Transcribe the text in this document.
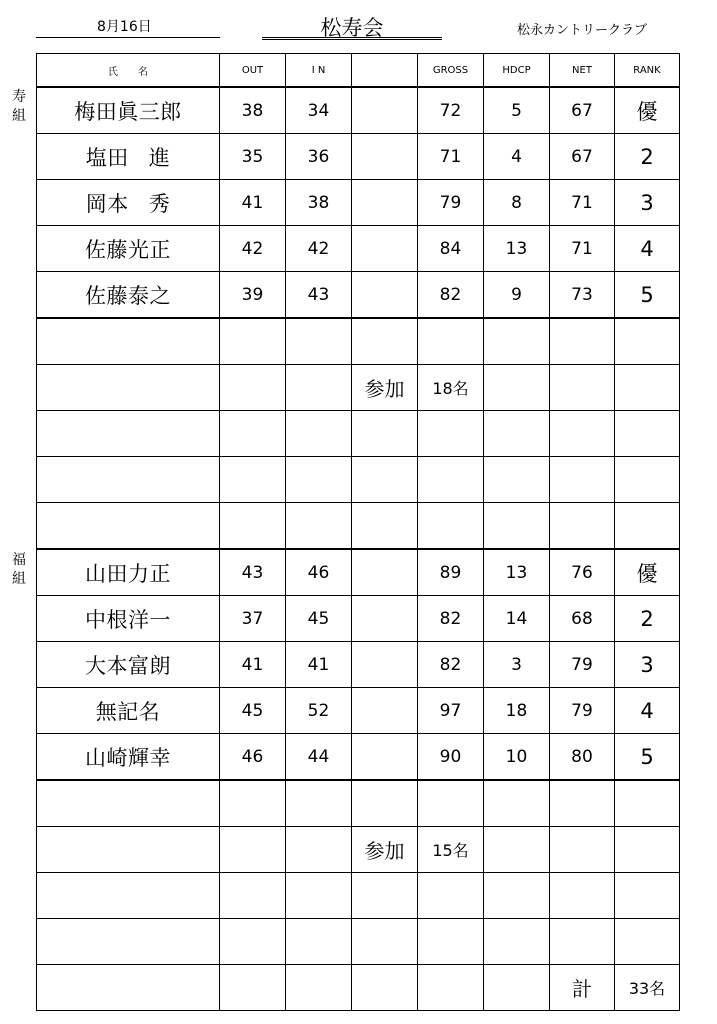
8月16日	松寿会	松永カントリークラブ
寿
組
福
組
氏　　名	OUT	I N		GROSS	HDCP	NET	RANK
梅田眞三郎	38	34		72	5	67	優
塩田 進	35	36		71	4	67	2
岡本 秀	41	38		79	8	71	3
佐藤光正	42	42		84	13	71	4
佐藤泰之	39	43		82	9	73	5

			参加	18名			

山田力正	43	46		89	13	76	優
中根洋一	37	45		82	14	68	2
大本富朗	41	41		82	3	79	3
無記名	45	52		97	18	79	4
山崎輝幸	46	44		90	10	80	5

			参加	15名			

						計	33名
